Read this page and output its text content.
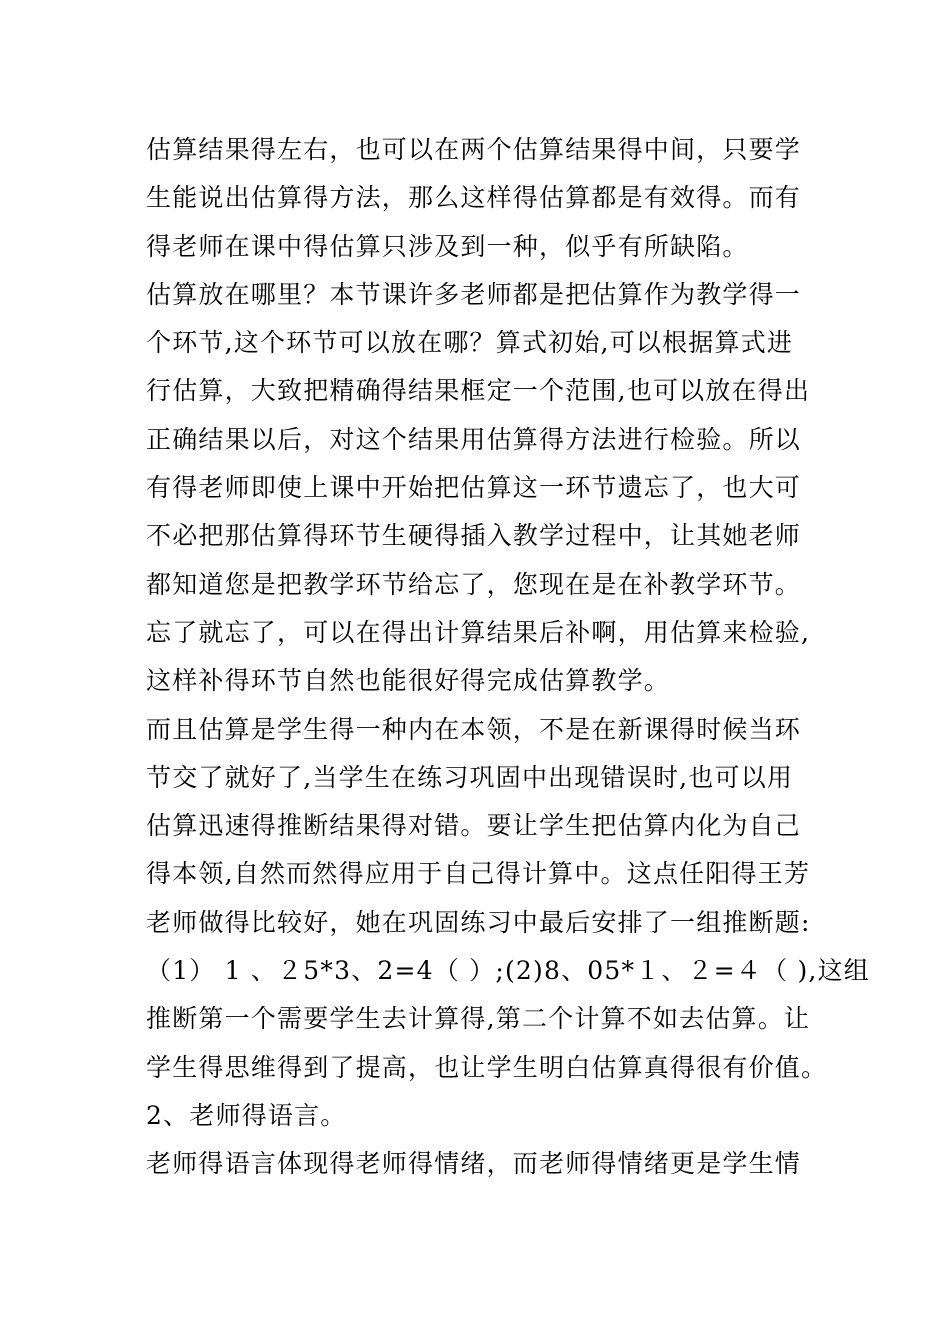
估算结果得左右，也可以在两个估算结果得中间，只要学
生能说出估算得方法，那么这样得估算都是有效得。而有
得老师在课中得估算只涉及到一种，似乎有所缺陷。
估算放在哪里？本节课许多老师都是把估算作为教学得一
个环节,这个环节可以放在哪？算式初始,可以根据算式进
行估算，大致把精确得结果框定一个范围,也可以放在得出
正确结果以后，对这个结果用估算得方法进行检验。所以
有得老师即使上课中开始把估算这一环节遗忘了，也大可
不必把那估算得环节生硬得插入教学过程中，让其她老师
都知道您是把教学环节给忘了，您现在是在补教学环节。
忘了就忘了，可以在得出计算结果后补啊，用估算来检验,
这样补得环节自然也能很好得完成估算教学。
而且估算是学生得一种内在本领，不是在新课得时候当环
节交了就好了,当学生在练习巩固中出现错误时,也可以用
估算迅速得推断结果得对错。要让学生把估算内化为自己
得本领,自然而然得应用于自己得计算中。这点任阳得王芳
老师做得比较好，她在巩固练习中最后安排了一组推断题:
（1） 1 、２5*3、2=4（ ）;(2)8、05*１、２=４（ ),这组
推断第一个需要学生去计算得,第二个计算不如去估算。让
学生得思维得到了提高，也让学生明白估算真得很有价值。
2、老师得语言。
老师得语言体现得老师得情绪，而老师得情绪更是学生情
